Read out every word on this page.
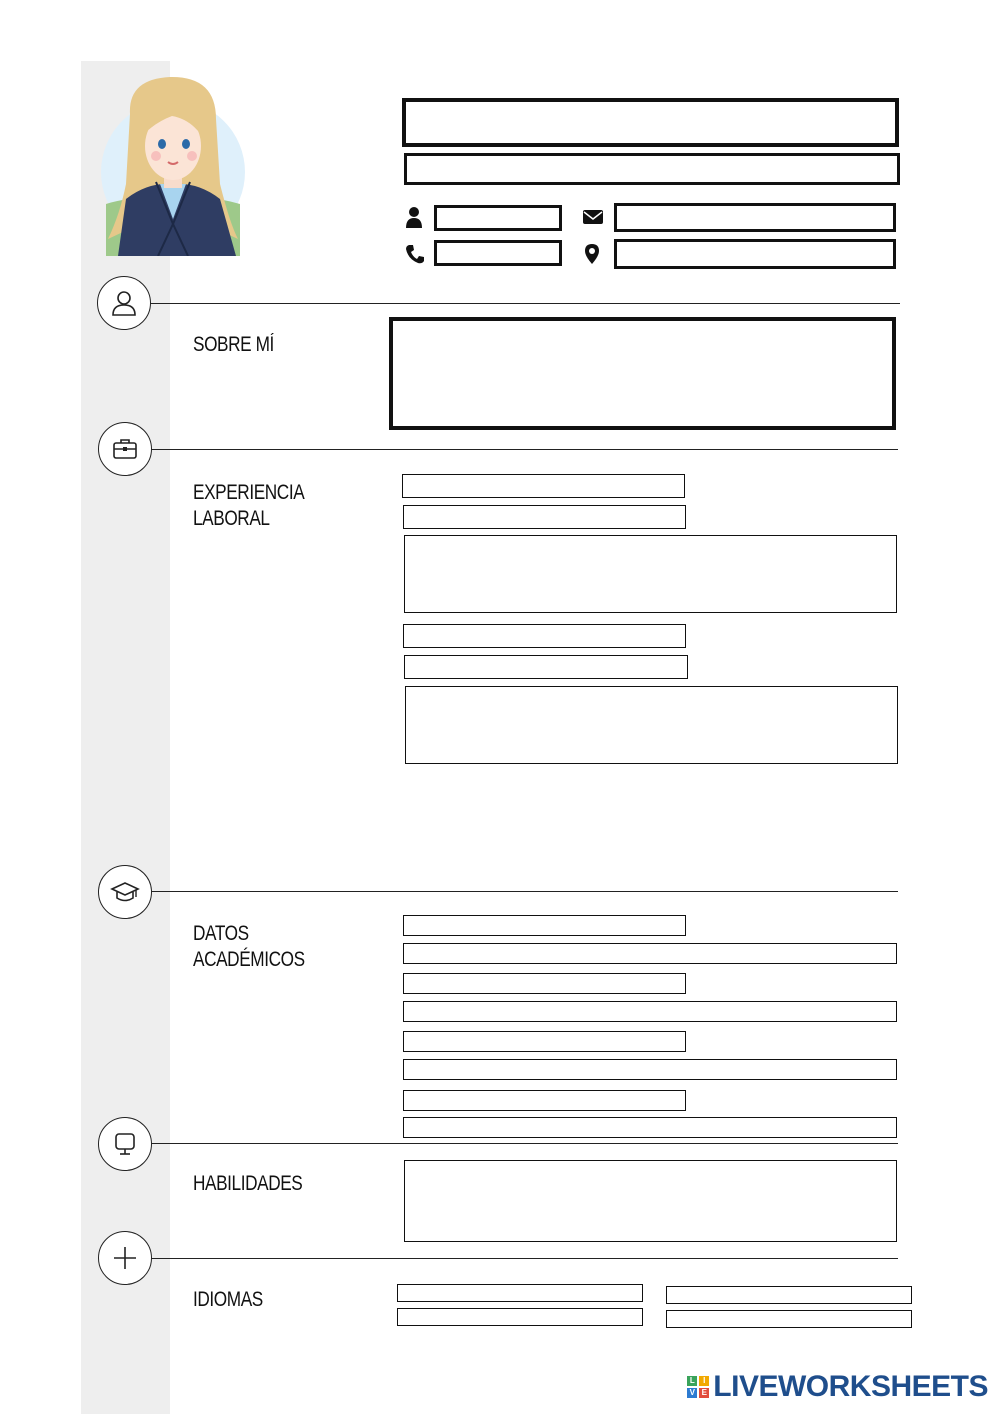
SOBRE MÍ
EXPERIENCIA
LABORAL
DATOS
ACADÉMICOS
HABILIDADES
IDIOMAS
L	I
V E LIVEWORKSHEETS
